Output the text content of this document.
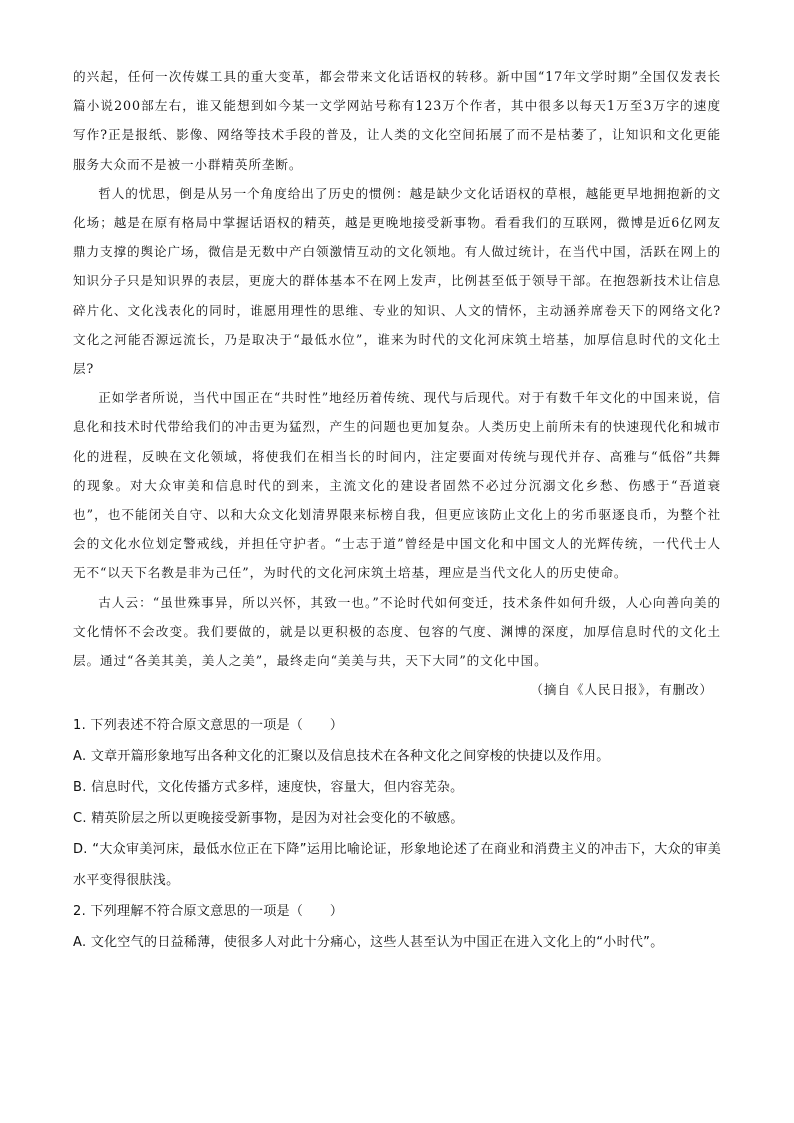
的兴起，任何一次传媒工具的重大变革，都会带来文化话语权的转移。新中国“17年文学时期”全国仅发表长篇小说200部左右，谁又能想到如今某一文学网站号称有123万个作者，其中很多以每天1万至3万字的速度写作?正是报纸、影像、网络等技术手段的普及，让人类的文化空间拓展了而不是枯萎了，让知识和文化更能服务大众而不是被一小群精英所垄断。

哲人的忧思，倒是从另一个角度给出了历史的惯例：越是缺少文化话语权的草根，越能更早地拥抱新的文化场；越是在原有格局中掌握话语权的精英，越是更晚地接受新事物。看看我们的互联网，微博是近6亿网友鼎力支撑的舆论广场，微信是无数中产白领激情互动的文化领地。有人做过统计，在当代中国，活跃在网上的知识分子只是知识界的表层，更庞大的群体基本不在网上发声，比例甚至低于领导干部。在抱怨新技术让信息碎片化、文化浅表化的同时，谁愿用理性的思维、专业的知识、人文的情怀，主动涵养席卷天下的网络文化?文化之河能否源远流长，乃是取决于“最低水位”，谁来为时代的文化河床筑土培基，加厚信息时代的文化土层?

正如学者所说，当代中国正在“共时性”地经历着传统、现代与后现代。对于有数千年文化的中国来说，信息化和技术时代带给我们的冲击更为猛烈，产生的问题也更加复杂。人类历史上前所未有的快速现代化和城市化的进程，反映在文化领域，将使我们在相当长的时间内，注定要面对传统与现代并存、高雅与“低俗”共舞的现象。对大众审美和信息时代的到来，主流文化的建设者固然不必过分沉溺文化乡愁、伤感于“吾道衰也”，也不能闭关自守、以和大众文化划清界限来标榜自我，但更应该防止文化上的劣币驱逐良币，为整个社会的文化水位划定警戒线，并担任守护者。“士志于道”曾经是中国文化和中国文人的光辉传统，一代代士人无不“以天下名教是非为己任”，为时代的文化河床筑土培基，理应是当代文化人的历史使命。

古人云：“虽世殊事异，所以兴怀，其致一也。”不论时代如何变迁，技术条件如何升级，人心向善向美的文化情怀不会改变。我们要做的，就是以更积极的态度、包容的气度、渊博的深度，加厚信息时代的文化土层。通过“各美其美，美人之美”，最终走向“美美与共，天下大同”的文化中国。

（摘自《人民日报》，有删改）

1. 下列表述不符合原文意思的一项是（　　）

A. 文章开篇形象地写出各种文化的汇聚以及信息技术在各种文化之间穿梭的快捷以及作用。

B. 信息时代，文化传播方式多样，速度快，容量大，但内容芜杂。

C. 精英阶层之所以更晚接受新事物，是因为对社会变化的不敏感。

D. “大众审美河床，最低水位正在下降”运用比喻论证，形象地论述了在商业和消费主义的冲击下，大众的审美水平变得很肤浅。

2. 下列理解不符合原文意思的一项是（　　）

A. 文化空气的日益稀薄，使很多人对此十分痛心，这些人甚至认为中国正在进入文化上的“小时代”。
